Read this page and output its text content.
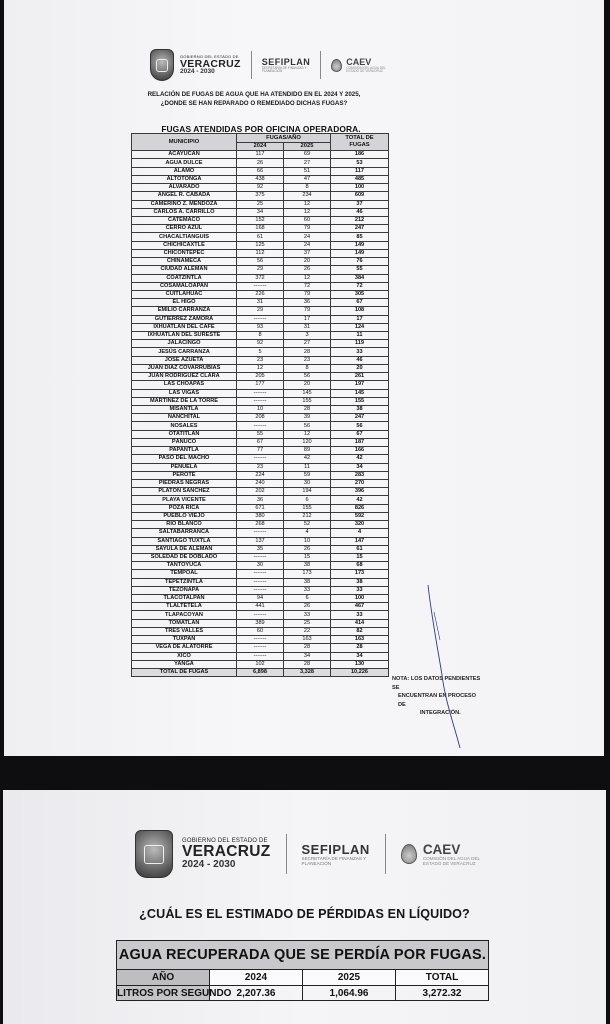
GOBIERNO DEL ESTADO DE
VERACRUZ
2024 - 2030
SEFIPLAN
SECRETARÍA DE FINANZAS Y PLANEACIÓN
CAEV
COMISIÓN DEL AGUA DEL ESTADO DE VERACRUZ
RELACIÓN DE FUGAS DE AGUA QUE HA ATENDIDO EN EL 2024 Y 2025,
¿DONDE SE HAN REPARADO O REMEDIADO DICHAS FUGAS?
FUGAS ATENDIDAS POR OFICINA OPERADORA.
MUNICIPIO	FUGAS/AÑO		TOTAL DE
FUGAS

	2024	2025	
ACAYUCAN	117	69	186
AGUA DULCE	26	27	53
ÁLAMO	66	51	117
ALTOTONGA	438	47	485
ALVARADO	92	8	100
ÁNGEL R. CABADA	375	234	609
CAMERINO Z. MENDOZA	25	12	37
CARLOS A. CARRILLO	34	12	46
CATEMACO	152	60	212
CERRO AZUL	168	79	247
CHACALTIANGUIS	61	24	85
CHICHICAXTLE	125	24	149
CHICONTEPEC	112	37	149
CHINAMECA	56	20	76
CIUDAD ALEMÁN	29	26	55
COATZINTLA	372	12	384
COSAMALOAPAN	-------	72	72
CUITLAHUAC	226	79	305
EL HIGO	31	36	67
EMILIO CARRANZA	29	79	108
GUTIERREZ ZAMORA	-------	17	17
IXHUATLAN DEL CAFÉ	93	31	124
IXHUATLAN DEL SURESTE	8	3	11
JALACINGO	92	27	119
JESÚS CARRANZA	5	28	33
JOSÉ AZUETA	23	23	46
JUAN DIAZ COVARRUBIAS	12	8	20
JUAN RODRIGUEZ CLARA	205	56	261
LAS CHOAPAS	177	20	197
LAS VIGAS	-------	145	145
MARTÍNEZ DE LA TORRE	-------	155	155
MISANTLA	10	28	38
NANCHITAL	208	39	247
NOSALES	-------	56	56
OTATITLAN	55	12	67
PÁNUCO	67	120	187
PAPANTLA	77	89	166
PASO DEL MACHO	-------	42	42
PEÑUELA	23	11	34
PEROTE	224	59	283
PIEDRAS NEGRAS	240	30	270
PLATÓN SANCHEZ	202	194	396
PLAYA VICENTE	36	6	42
POZA RICA	671	155	826
PUEBLO VIEJO	380	212	592
RÍO BLANCO	268	52	320
SALTABARRANCA	-------	4	4
SANTIAGO TUXTLA	137	10	147
SAYULA DE ALEMÁN	35	26	61
SOLEDAD DE DOBLADO	-------	15	15
TANTOYUCA	30	38	68
TEMPOAL	-------	173	173
TEPETZINTLA	-------	38	38
TEZONAPA	-------	33	33
TLACOTALPAN	94	6	100
TLALTETELA	441	26	467
TLAPACOYAN	-------	33	33
TOMATLAN	389	25	414
TRES VALLES	60	22	82
TUXPAN	-------	163	163
VEGA DE ALATORRE	-------	28	28
XICO	-------	34	34
YANGA	102	28	130
TOTAL DE FUGAS	6,898	3,328	10,226
NOTA: LOS DATOS PENDIENTES SE
ENCUENTRAN EN PROCESO DE
INTEGRACIÓN.
GOBIERNO DEL ESTADO DE
VERACRUZ
2024 - 2030
SEFIPLAN
SECRETARÍA DE FINANZAS Y PLANEACIÓN
CAEV
COMISIÓN DEL AGUA DEL ESTADO DE VERACRUZ
¿CUÁL ES EL ESTIMADO DE PÉRDIDAS EN LÍQUIDO?
AGUA RECUPERADA QUE SE PERDÍA POR FUGAS.			
AÑO	2024	2025	TOTAL
LITROS POR SEGUNDO	2,207.36	1,064.96	3,272.32
